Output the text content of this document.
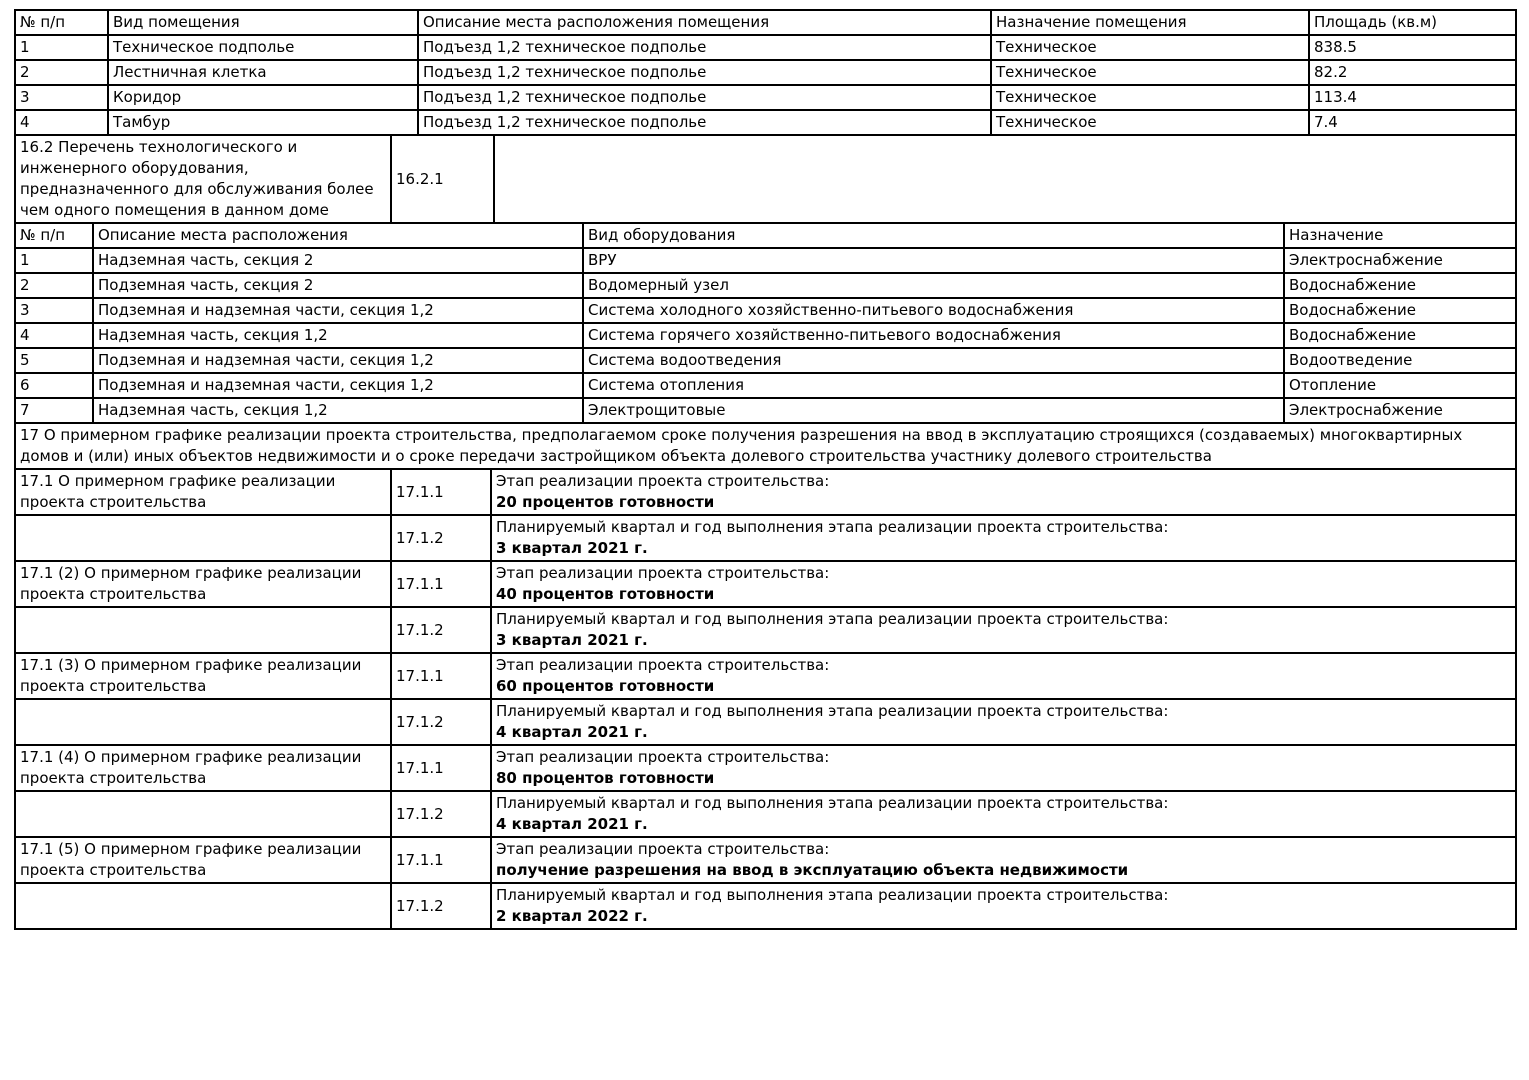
№ п/п	Вид помещения	Описание места расположения помещения	Назначение помещения	Площадь (кв.м)
1	Техническое подполье	Подъезд 1,2 техническое подполье	Техническое	838.5
2	Лестничная клетка	Подъезд 1,2 техническое подполье	Техническое	82.2
3	Коридор	Подъезд 1,2 техническое подполье	Техническое	113.4
4	Тамбур	Подъезд 1,2 техническое подполье	Техническое	7.4
16.2 Перечень технологического и инженерного оборудования, предназначенного для обслуживания более чем одного помещения в данном доме	16.2.1	
№ п/п	Описание места расположения	Вид оборудования	Назначение
1	Надземная часть, секция 2	ВРУ	Электроснабжение
2	Подземная часть, секция 2	Водомерный узел	Водоснабжение
3	Подземная и надземная части, секция 1,2	Система холодного хозяйственно-питьевого водоснабжения	Водоснабжение
4	Надземная часть, секция 1,2	Система горячего хозяйственно-питьевого водоснабжения	Водоснабжение
5	Подземная и надземная части, секция 1,2	Система водоотведения	Водоотведение
6	Подземная и надземная части, секция 1,2	Система отопления	Отопление
7	Надземная часть, секция 1,2	Электрощитовые	Электроснабжение
17 О примерном графике реализации проекта строительства, предполагаемом сроке получения разрешения на ввод в эксплуатацию строящихся (создаваемых) многоквартирных домов и (или) иных объектов недвижимости и о сроке передачи застройщиком объекта долевого строительства участнику долевого строительства
17.1 О примерном графике реализации проекта строительства	17.1.1	Этап реализации проекта строительства:
20 процентов готовности

	17.1.2	Планируемый квартал и год выполнения этапа реализации проекта строительства:
3 квартал 2021 г.

17.1 (2) О примерном графике реализации проекта строительства	17.1.1	Этап реализации проекта строительства:
40 процентов готовности

	17.1.2	Планируемый квартал и год выполнения этапа реализации проекта строительства:
3 квартал 2021 г.

17.1 (3) О примерном графике реализации проекта строительства	17.1.1	Этап реализации проекта строительства:
60 процентов готовности

	17.1.2	Планируемый квартал и год выполнения этапа реализации проекта строительства:
4 квартал 2021 г.

17.1 (4) О примерном графике реализации проекта строительства	17.1.1	Этап реализации проекта строительства:
80 процентов готовности

	17.1.2	Планируемый квартал и год выполнения этапа реализации проекта строительства:
4 квартал 2021 г.

17.1 (5) О примерном графике реализации проекта строительства	17.1.1	Этап реализации проекта строительства:
получение разрешения на ввод в эксплуатацию объекта недвижимости

	17.1.2	Планируемый квартал и год выполнения этапа реализации проекта строительства:
2 квартал 2022 г.
